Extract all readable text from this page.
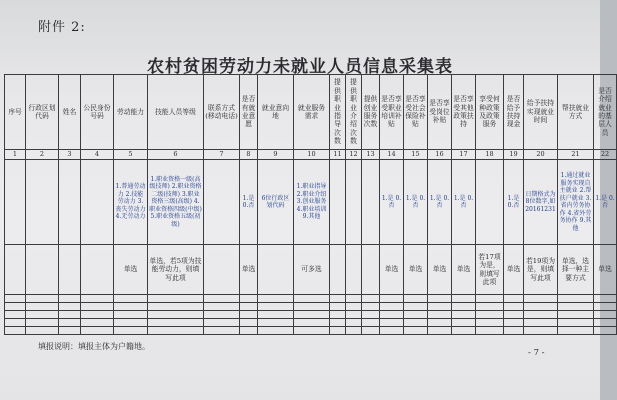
附件 2:
农村贫困劳动力未就业人员信息采集表
序号	行政区划代码	姓名	公民身份号码	劳动能力	技能人员等级	联系方式(移动电话)	是否有就业意愿	就业意向地	就业服务需求	提供职业指导次数	提供职业介绍次数	提供创业服务次数	是否享受职业培训补贴	是否享受社会保险补贴	是否享受岗位补贴	是否享受其他政策扶持	享受何种政策及政策服务	是否给予扶持现金	给予扶持实现就业时间	帮扶就业方式	是否介绍就业的基层人员
1	2	3	4	5	6	7	8	9	10	11	12	13	14	15	16	17	18	19	20	21	22
				1.普通劳动力 2.技能劳动力 3.丧失劳动力 4.无劳动力	1.职业资格一级(高级技师) 2.职业资格二级(技师) 3.职业资格三级(高级) 4.职业资格四级(中级) 5.职业资格五级(初级)		1.是 0.否	6位行政区划代码	1.职业指导 2.职业介绍 3.创业服务 4.职业培训 9.其他				1.是 0.否	1.是 0.否	1.是 0.否	1.是 0.否		1.是 0.否	日期格式为8位数字,如20161231	1.通过就业服务实现自主就业 2.帮扶户就业 3.省内劳务协作 4.省外劳务协作 9.其他	1.是 0.否
				单选	单选，若5项为技能劳动力，则填写此项		单选		可多选				单选	单选	单选	单选	若17项为是，则填写此项	单选	若19项为是，则填写此项	单选，选择一种主要方式	单选

填报说明：填报主体为户籍地。
- 7 -
